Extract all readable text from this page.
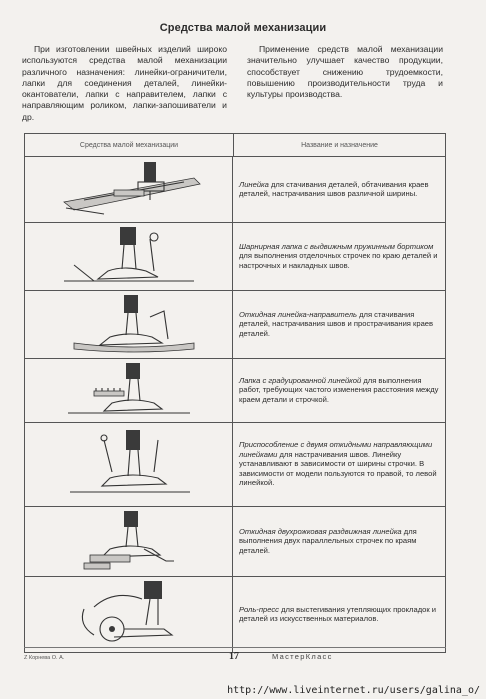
Средства малой механизации
При изготовлении швейных изделий широко используются средства малой механизации различного назначения: линейки-ограничители, лапки для соединения деталей, линейки-окантователи, лапки с направителем, лапки с направляющим роликом, лапки-запошиватели и др.
Применение средств малой механизации значительно улучшает качество продукции, способствует снижению трудоемкости, повышению производительности труда и культуры производства.
Средства малой механизации	Название и назначение
Линейка для стачивания деталей, обтачивания краев деталей, настрачивания швов различной ширины.
Шарнирная лапка с выдвижным пружинным бортиком для выполнения отделочных строчек по краю деталей и настрочных и накладных швов.
Откидная линейка-направитель для стачивания деталей, настрачивания швов и прострачивания краев деталей.
Лапка с градуированной линейкой для выполнения работ, требующих частого изменения расстояния между краем детали и строчкой.
Приспособление с двумя откидными направляющими линейками для настрачивания швов. Линейку устанавливают в зависимости от ширины строчки. В зависимости от модели пользуются то правой, то левой линейкой.
Откидная двухрожковая раздвижная линейка для выполнения двух параллельных строчек по краям деталей.
Роль-пресс для выстегивания утепляющих прокладок и деталей из искусственных материалов.
Z Корнева О. А.	17	МастерКласс
http://www.liveinternet.ru/users/galina_o/
